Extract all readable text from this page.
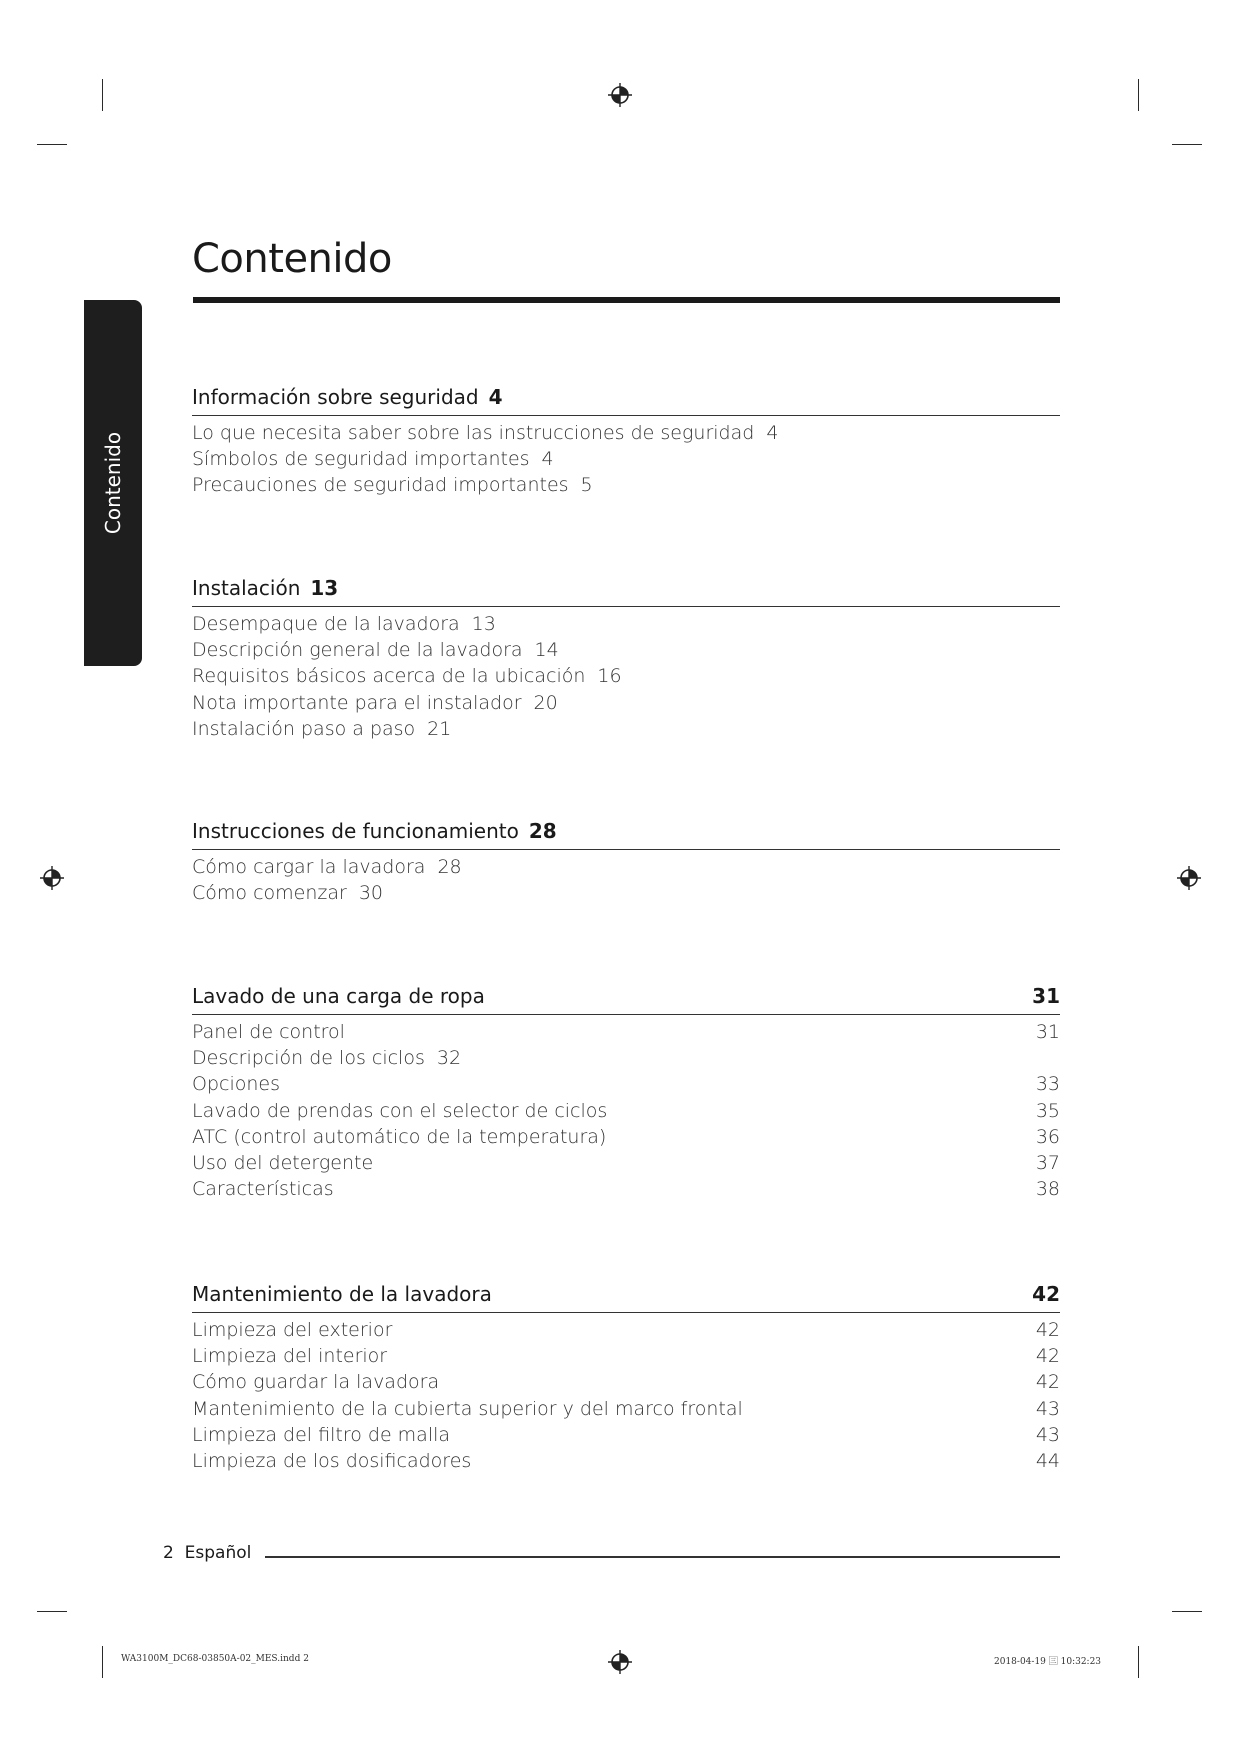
Contenido
Contenido
Información sobre seguridad 4
Lo que necesita saber sobre las instrucciones de seguridad 4
Símbolos de seguridad importantes 4
Precauciones de seguridad importantes 5
Instalación 13
Desempaque de la lavadora 13
Descripción general de la lavadora 14
Requisitos básicos acerca de la ubicación 16
Nota importante para el instalador 20
Instalación paso a paso 21
Instrucciones de funcionamiento 28
Cómo cargar la lavadora 28
Cómo comenzar 30
Lavado de una carga de ropa	31
Panel de control	31
Descripción de los ciclos 32
Opciones	33
Lavado de prendas con el selector de ciclos	35
ATC (control automático de la temperatura)	36
Uso del detergente	37
Características	38
Mantenimiento de la lavadora	42
Limpieza del exterior	42
Limpieza del interior	42
Cómo guardar la lavadora	42
Mantenimiento de la cubierta superior y del marco frontal	43
Limpieza del filtro de malla	43
Limpieza de los dosificadores	44
2 Español
WA3100M_DC68-03850A-02_MES.indd 2	2018-04-19 🈪 10:32:23
